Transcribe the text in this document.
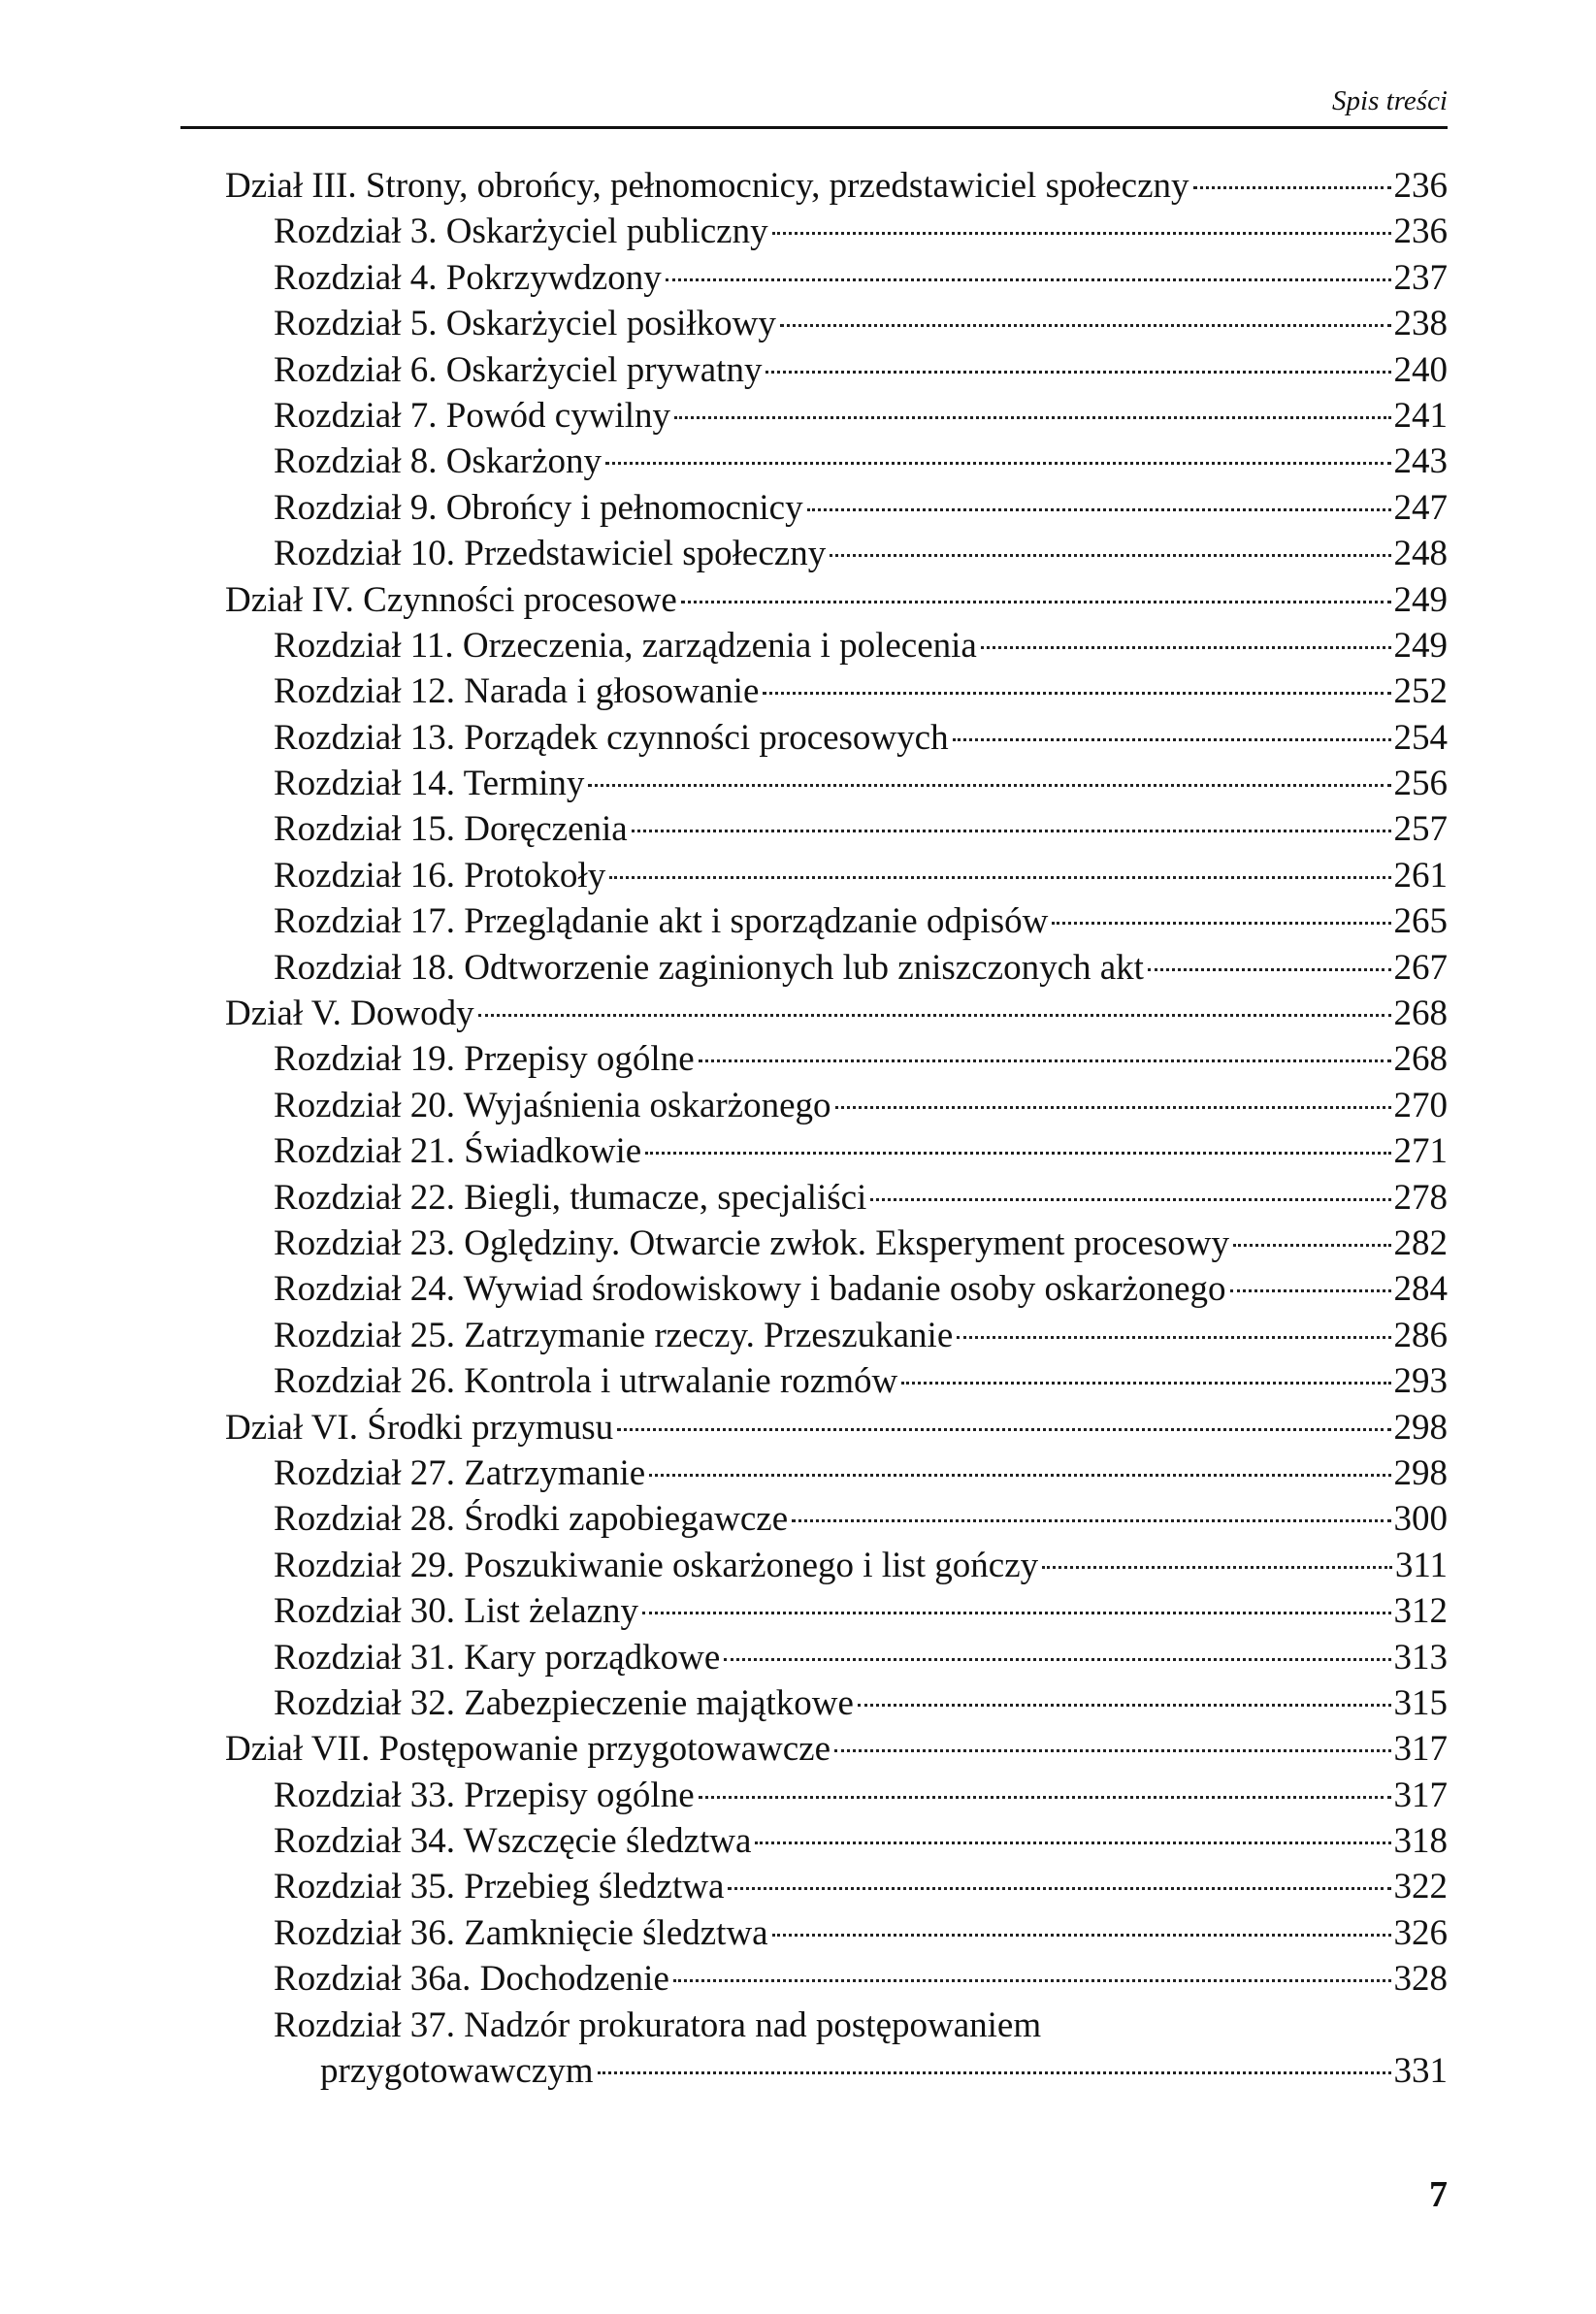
Spis treści
Dział III. Strony, obrońcy, pełnomocnicy, przedstawiciel społeczny	236
Rozdział 3. Oskarżyciel publiczny	236
Rozdział 4. Pokrzywdzony	237
Rozdział 5. Oskarżyciel posiłkowy	238
Rozdział 6. Oskarżyciel prywatny	240
Rozdział 7. Powód cywilny	241
Rozdział 8. Oskarżony	243
Rozdział 9. Obrońcy i pełnomocnicy	247
Rozdział 10. Przedstawiciel społeczny	248
Dział IV. Czynności procesowe	249
Rozdział 11. Orzeczenia, zarządzenia i polecenia	249
Rozdział 12. Narada i głosowanie	252
Rozdział 13. Porządek czynności procesowych	254
Rozdział 14. Terminy	256
Rozdział 15. Doręczenia	257
Rozdział 16. Protokoły	261
Rozdział 17. Przeglądanie akt i sporządzanie odpisów	265
Rozdział 18. Odtworzenie zaginionych lub zniszczonych akt	267
Dział V. Dowody	268
Rozdział 19. Przepisy ogólne	268
Rozdział 20. Wyjaśnienia oskarżonego	270
Rozdział 21. Świadkowie	271
Rozdział 22. Biegli, tłumacze, specjaliści	278
Rozdział 23. Oględziny. Otwarcie zwłok. Eksperyment procesowy	282
Rozdział 24. Wywiad środowiskowy i badanie osoby oskarżonego	284
Rozdział 25. Zatrzymanie rzeczy. Przeszukanie	286
Rozdział 26. Kontrola i utrwalanie rozmów	293
Dział VI. Środki przymusu	298
Rozdział 27. Zatrzymanie	298
Rozdział 28. Środki zapobiegawcze	300
Rozdział 29. Poszukiwanie oskarżonego i list gończy	311
Rozdział 30. List żelazny	312
Rozdział 31. Kary porządkowe	313
Rozdział 32. Zabezpieczenie majątkowe	315
Dział VII. Postępowanie przygotowawcze	317
Rozdział 33. Przepisy ogólne	317
Rozdział 34. Wszczęcie śledztwa	318
Rozdział 35. Przebieg śledztwa	322
Rozdział 36. Zamknięcie śledztwa	326
Rozdział 36a. Dochodzenie	328
Rozdział 37. Nadzór prokuratora nad postępowaniem
przygotowawczym	331
7
